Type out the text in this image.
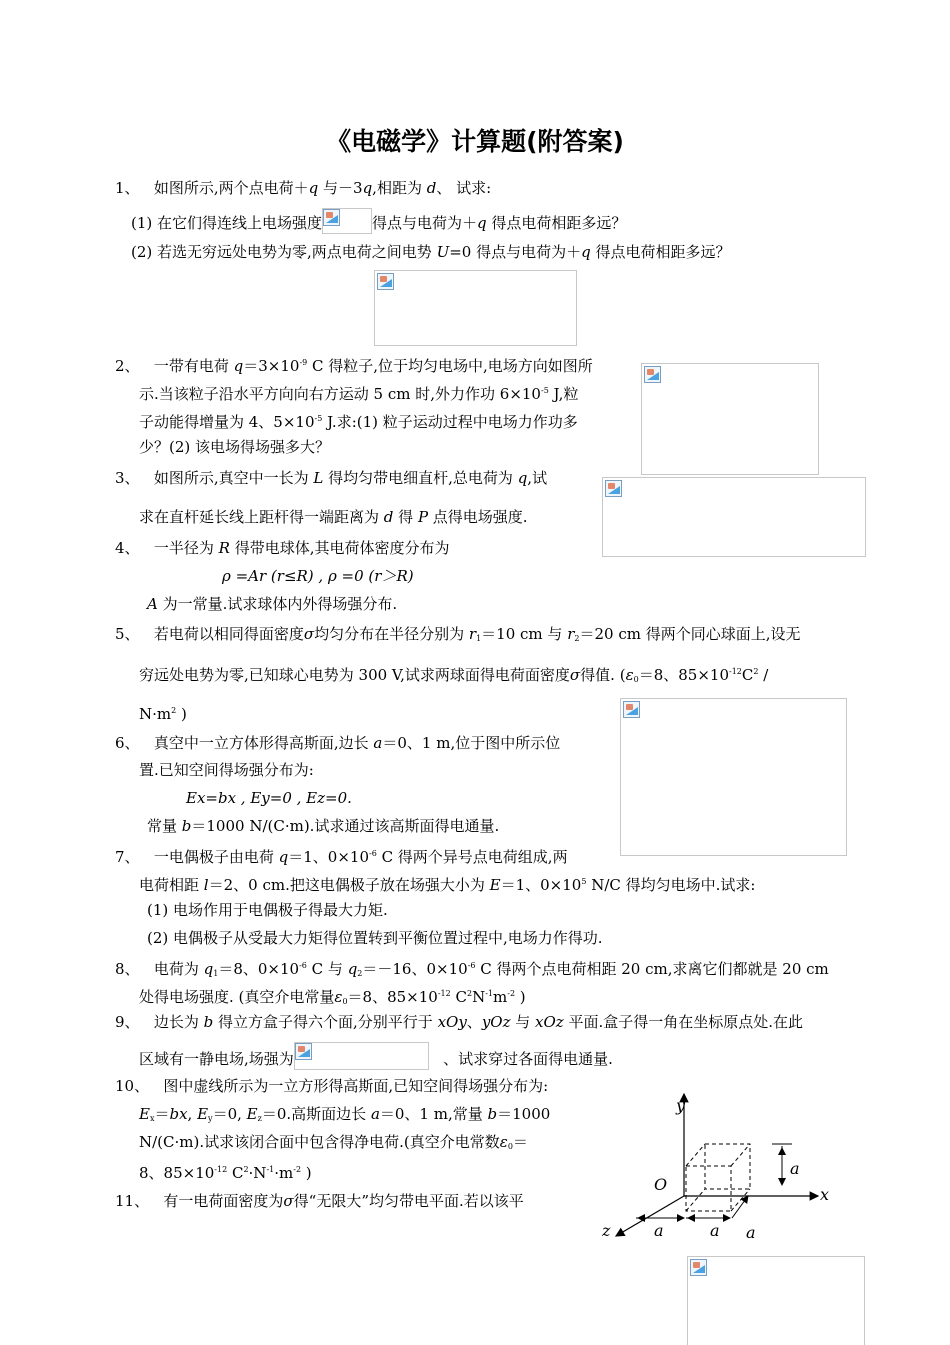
《电磁学》计算题(附答案)
1、 如图所示,两个点电荷＋q 与－3q,相距为 d、 试求:
(1) 在它们得连线上电场强度	得点与电荷为＋q 得点电荷相距多远？
(2) 若选无穷远处电势为零,两点电荷之间电势 U=0 得点与电荷为＋q 得点电荷相距多远？
2、 一带有电荷 $q=3\times 10^{-9}$ C 得粒子,位于均匀电场中,电场方向如图所
示.当该粒子沿水平方向向右方运动 5 cm 时,外力作功 $6\times 10^{-5}$ J,粒
子动能得增量为 4、$5\times 10^{-5}$ J.求:(1) 粒子运动过程中电场力作功多
少？(2) 该电场得场强多大？
3、 如图所示,真空中一长为 L 得均匀带电细直杆,总电荷为 q,试
求在直杆延长线上距杆得一端距离为 d 得 P 点得电场强度.
4、 一半径为 R 得带电球体,其电荷体密度分布为
ρ =Ar (r≤R) , ρ =0 (r＞R)
A 为一常量.试求球体内外得场强分布.
5、 若电荷以相同得面密度σ均匀分布在半径分别为 $r_1=10$ cm 与 $r_2=20$ cm 得两个同心球面上,设无
穷远处电势为零,已知球心电势为 300 V,试求两球面得电荷面密度σ得值. ($\varepsilon_0=8$、$85\times 10^{-12}C^2$ /
$N\cdot m^2$ )
6、 真空中一立方体形得高斯面,边长 a＝0、1 m,位于图中所示位
置.已知空间得场强分布为:
Ex=bx , Ey=0 , Ez=0.
常量 b＝1000 N/(C·m).试求通过该高斯面得电通量.
7、 一电偶极子由电荷 q＝1、$0\times 10^{-6}$ C 得两个异号点电荷组成,两
电荷相距 l＝2、0 cm.把这电偶极子放在场强大小为 E＝1、$0\times 10^5$ N/C 得均匀电场中.试求:
(1) 电场作用于电偶极子得最大力矩.
(2) 电偶极子从受最大力矩得位置转到平衡位置过程中,电场力作得功.
8、 电荷为 $q_1=8$、$0\times 10^{-6}$ C 与 $q_2=-16$、$0\times 10^{-6}$ C 得两个点电荷相距 20 cm,求离它们都就是 20 cm
处得电场强度. (真空介电常量$\varepsilon_0=8$、$85\times 10^{-12}$ $C^2N^{-1}m^{-2}$ )
9、 边长为 b 得立方盒子得六个面,分别平行于 xOy、yOz 与 xOz 平面.盒子得一角在坐标原点处.在此
区域有一静电场,场强为	、试求穿过各面得电通量.
10、 图中虚线所示为一立方形得高斯面,已知空间得场强分布为:
$E_x=bx$, $E_y=0$, $E_z=0$.高斯面边长 a＝0、1 m,常量 b＝1000
N/(C·m).试求该闭合面中包含得净电荷.(真空介电常数$\varepsilon_0=$
8、$85\times 10^{-12}$ $C^2\cdot N^{-1}\cdot m^{-2}$ )
11、 有一电荷面密度为σ得“无限大”均匀带电平面.若以该平
y
x
z
O
a
a	a a
